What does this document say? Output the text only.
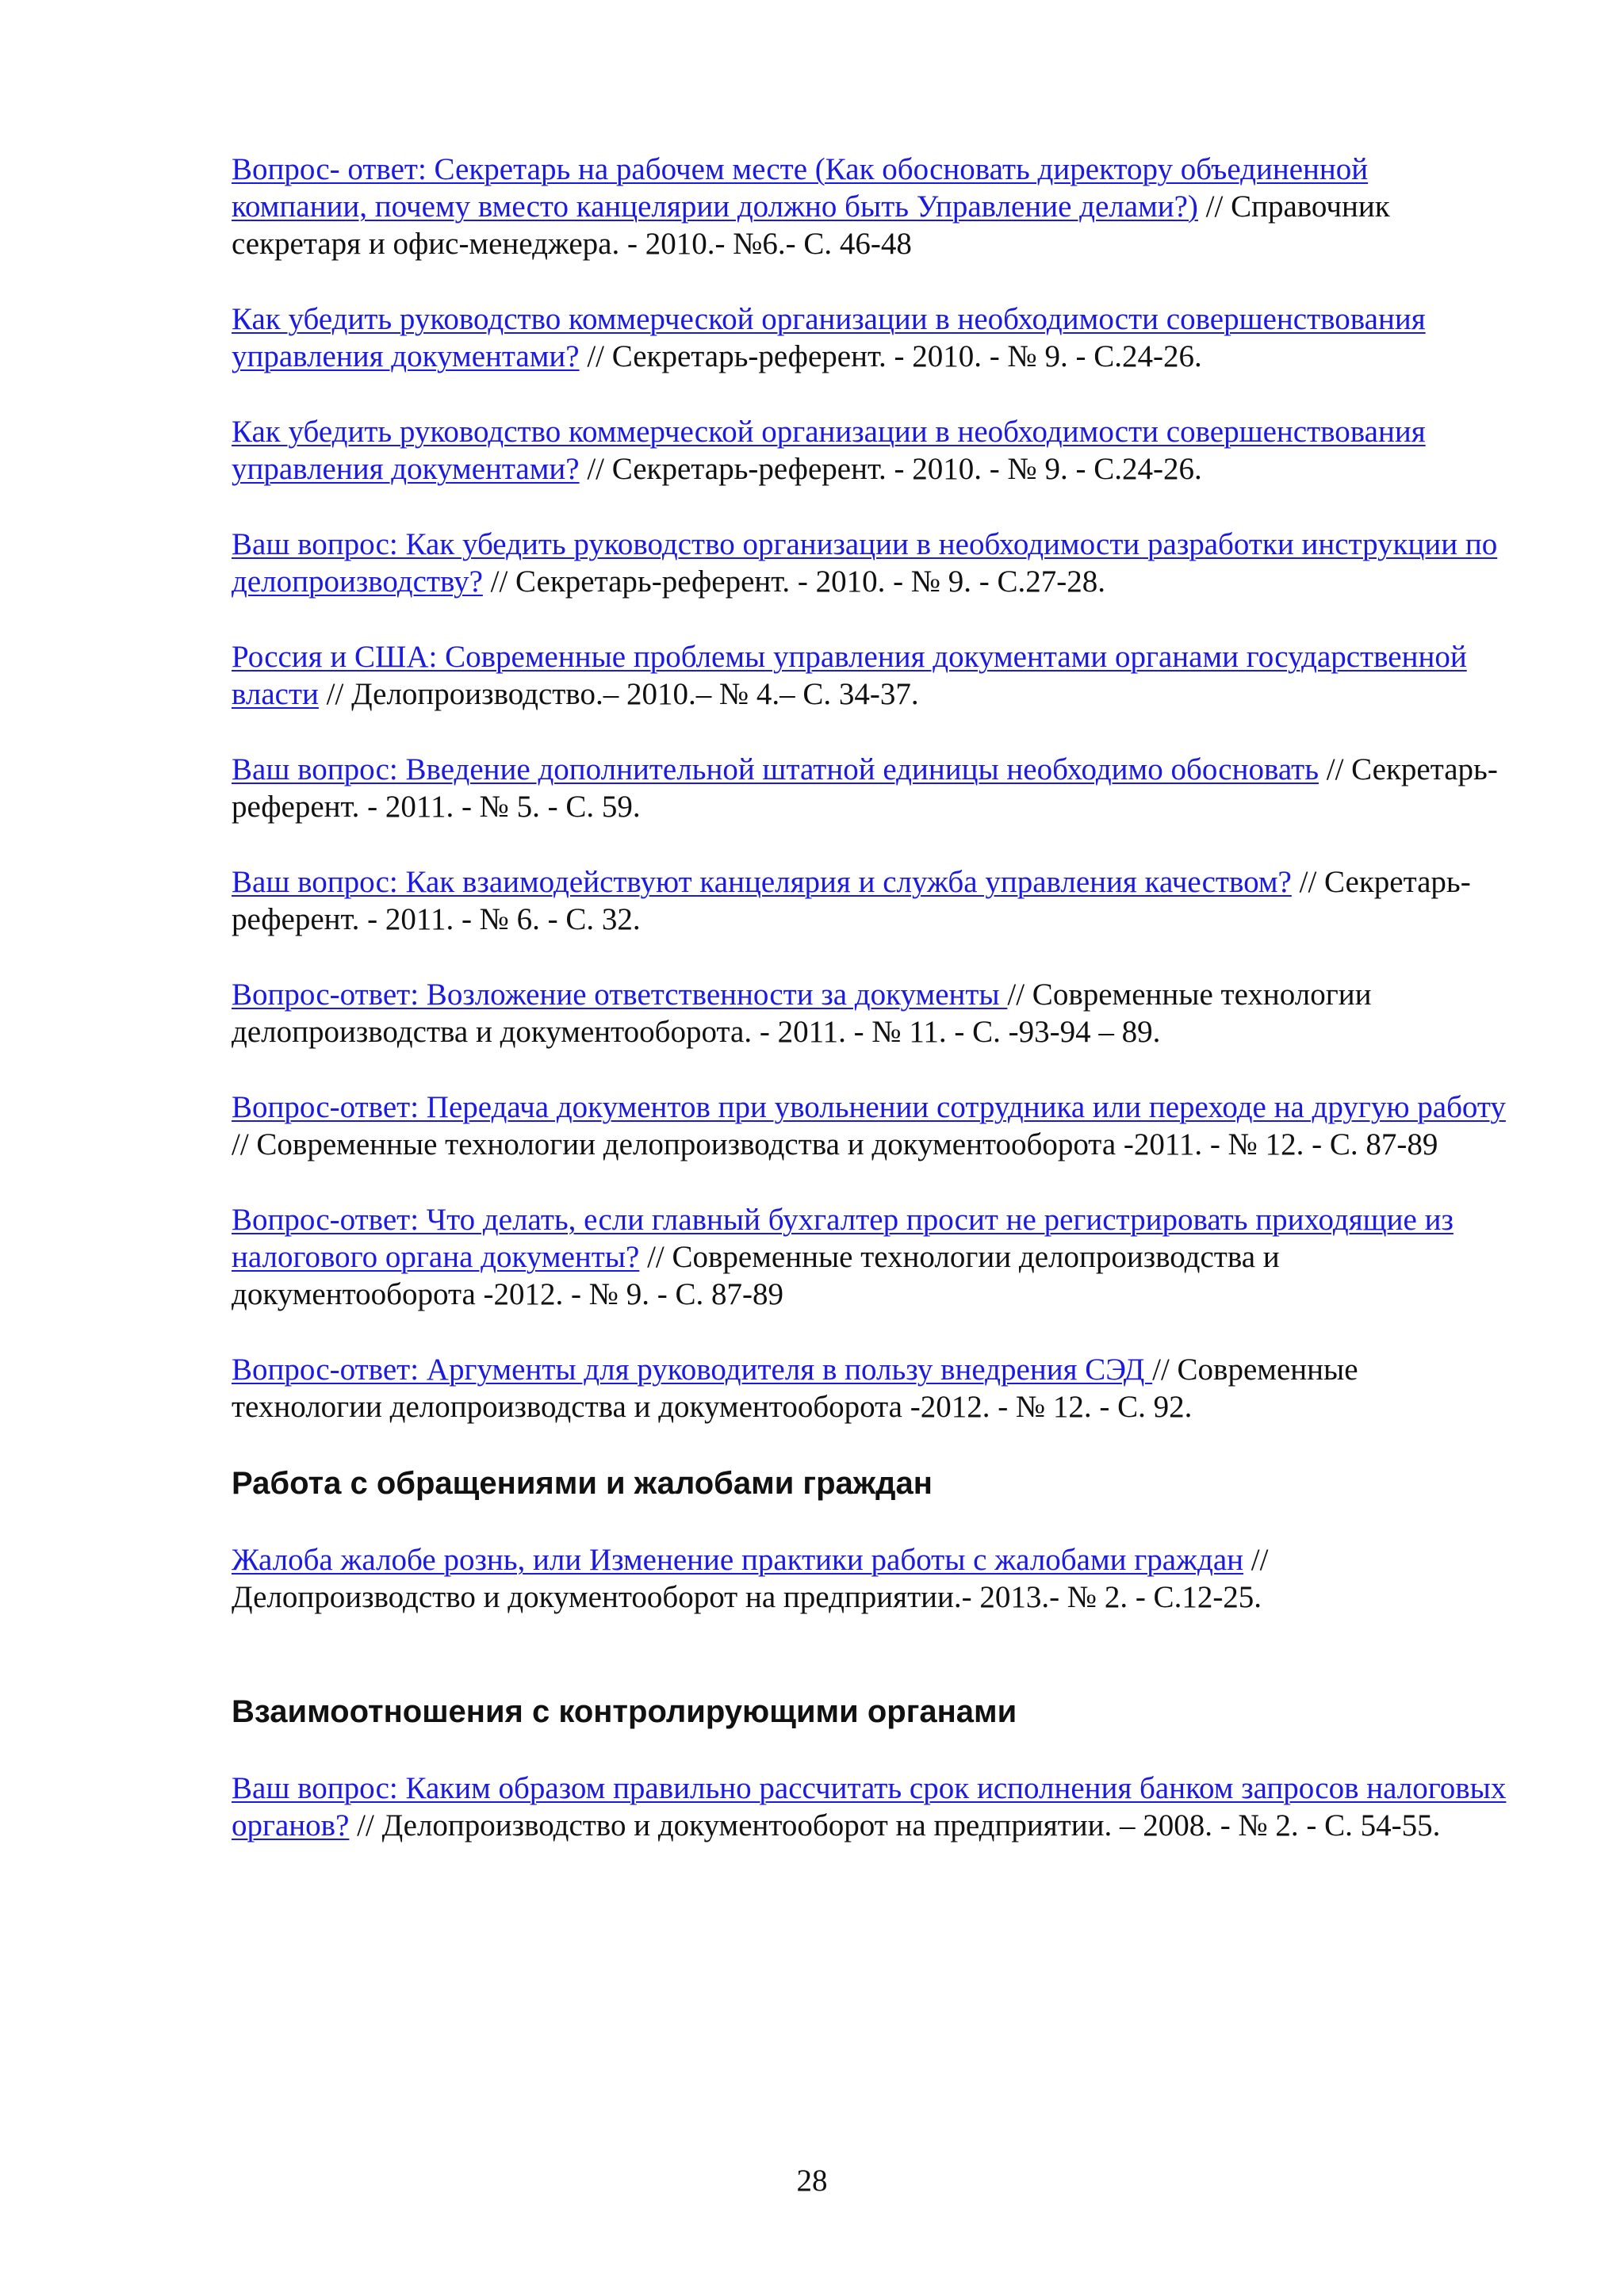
Вопрос- ответ: Секретарь на рабочем месте (Как обосновать директору объединенной компании, почему вместо канцелярии должно быть Управление делами?) // Справочник секретаря и офис-менеджера. - 2010.- №6.- С. 46-48

Как убедить руководство коммерческой организации в необходимости совершенствования управления документами? // Секретарь-референт. - 2010. - № 9. - С.24-26.

Как убедить руководство коммерческой организации в необходимости совершенствования управления документами? // Секретарь-референт. - 2010. - № 9. - С.24-26.

Ваш вопрос: Как убедить руководство организации в необходимости разработки инструкции по делопроизводству? // Секретарь-референт. - 2010. - № 9. - С.27-28.

Россия и США: Современные проблемы управления документами органами государственной власти // Делопроизводство.– 2010.– № 4.– С. 34-37.

Ваш вопрос: Введение дополнительной штатной единицы необходимо обосновать // Секретарь-референт. - 2011. - № 5. - С. 59.

Ваш вопрос: Как взаимодействуют канцелярия и служба управления качеством? // Секретарь-референт. - 2011. - № 6. - С. 32.

Вопрос-ответ: Возложение ответственности за документы // Современные технологии делопроизводства и документооборота. - 2011. - № 11. - С. -93-94 – 89.

Вопрос-ответ: Передача документов при увольнении сотрудника или переходе на другую работу // Современные технологии делопроизводства и документооборота -2011. - № 12. - С. 87-89

Вопрос-ответ: Что делать, если главный бухгалтер просит не регистрировать приходящие из налогового органа документы? // Современные технологии делопроизводства и документооборота -2012. - № 9. - С. 87-89

Вопрос-ответ: Аргументы для руководителя в пользу внедрения СЭД // Современные технологии делопроизводства и документооборота -2012. - № 12. - С. 92.

Работа с обращениями и жалобами граждан

Жалоба жалобе рознь, или Изменение практики работы с жалобами граждан // Делопроизводство и документооборот на предприятии.- 2013.- № 2. - С.12-25.

Взаимоотношения с контролирующими органами

Ваш вопрос: Каким образом правильно рассчитать срок исполнения банком запросов налоговых органов? // Делопроизводство и документооборот на предприятии. – 2008. - № 2. - С. 54-55.

28
